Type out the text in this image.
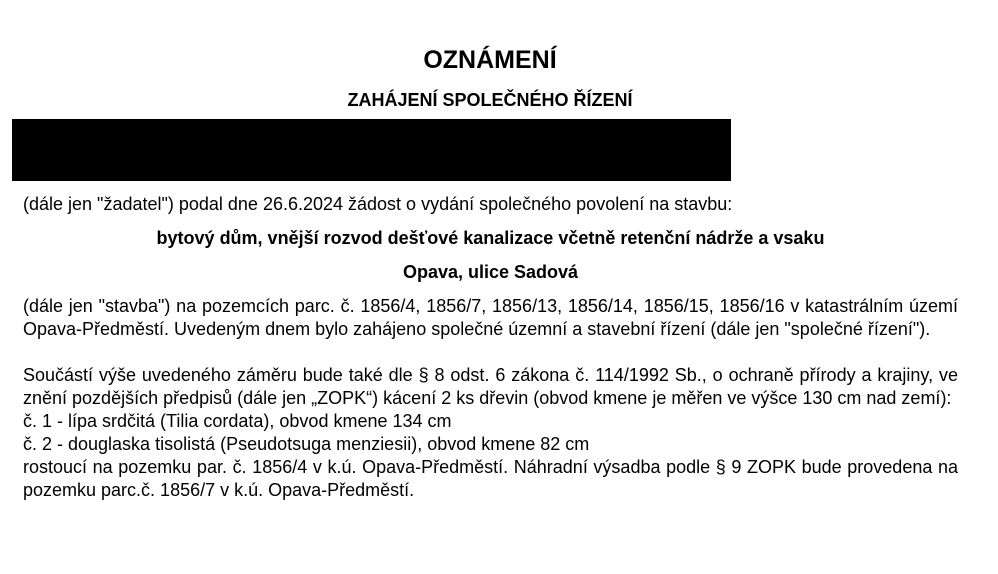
OZNÁMENÍ
ZAHÁJENÍ SPOLEČNÉHO ŘÍZENÍ

(dále jen "žadatel") podal dne 26.6.2024 žádost o vydání společného povolení na stavbu:

bytový dům, vnější rozvod dešťové kanalizace včetně retenční nádrže a vsaku

Opava, ulice Sadová

(dále jen "stavba") na pozemcích parc. č. 1856/4, 1856/7, 1856/13, 1856/14, 1856/15, 1856/16 v katastrálním území Opava-Předměstí. Uvedeným dnem bylo zahájeno společné územní a stavební řízení (dále jen "společné řízení").

Součástí výše uvedeného záměru bude také dle § 8 odst. 6 zákona č. 114/1992 Sb., o ochraně přírody a krajiny, ve znění pozdějších předpisů (dále jen „ZOPK“) kácení 2 ks dřevin (obvod kmene je měřen ve výšce 130 cm nad zemí):

č. 1 - lípa srdčitá (Tilia cordata), obvod kmene 134 cm

č. 2 - douglaska tisolistá (Pseudotsuga menziesii), obvod kmene 82 cm

rostoucí na pozemku par. č. 1856/4 v k.ú. Opava-Předměstí. Náhradní výsadba podle § 9 ZOPK bude provedena na pozemku parc.č. 1856/7 v k.ú. Opava-Předměstí.
